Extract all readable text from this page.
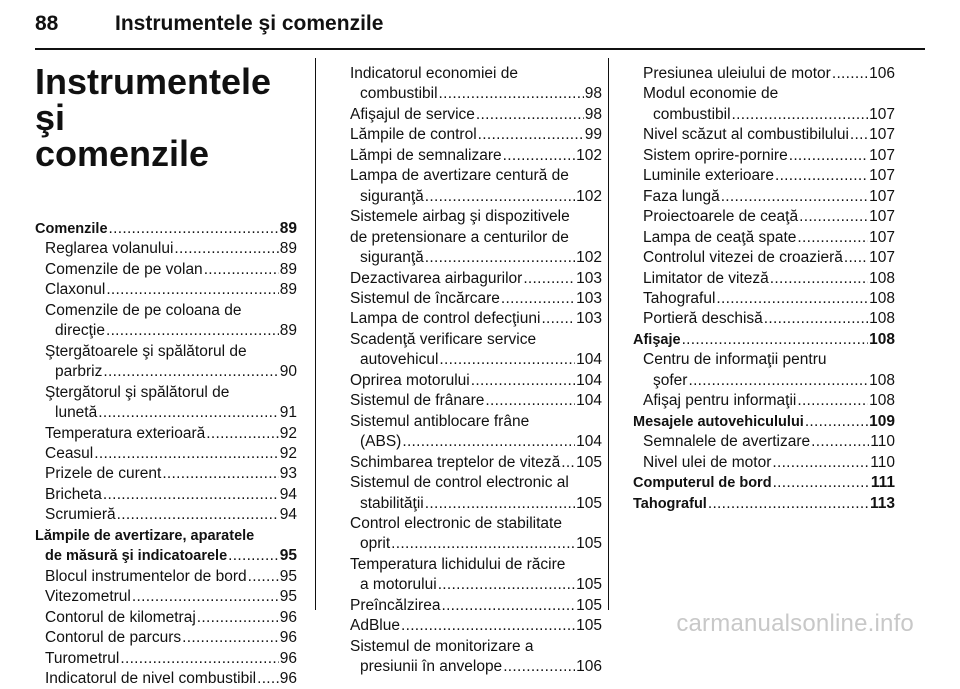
88	Instrumentele şi comenzile
Instrumentele şi
comenzile
Comenzile .....	89
Reglarea volanului .....	89
Comenzile de pe volan .....	89
Claxonul .....	89
Comenzile de pe coloana de
direcţie .....	89
Ştergătoarele şi spălătorul de
parbriz .....	90
Ştergătorul şi spălătorul de
lunetă .....	91
Temperatura exterioară .....	92
Ceasul .....	92
Prizele de curent .....	93
Bricheta .....	94
Scrumieră .....	94
Lămpile de avertizare, aparatele
de măsură şi indicatoarele .....	95
Blocul instrumentelor de bord ..... 95
Vitezometrul .....	95
Contorul de kilometraj .....	96
Contorul de parcurs .....	96
Turometrul .....	96
Indicatorul de nivel combustibil ..... 96
Indicatorul economiei de
combustibil .....	98
Afişajul de service .....	98
Lămpile de control .....	99
Lămpi de semnalizare .....	102
Lampa de avertizare centură de
siguranţă .....	102
Sistemele airbag şi dispozitivele
de pretensionare a centurilor de
siguranţă .....	102
Dezactivarea airbagurilor .....	103
Sistemul de încărcare .....	103
Lampa de control defecţiuni ..... 103
Scadenţă verificare service
autovehicul .....	104
Oprirea motorului .....	104
Sistemul de frânare .....	104
Sistemul antiblocare frâne
(ABS) .....	104
Schimbarea treptelor de viteză ..... 105
Sistemul de control electronic al
stabilităţii .....	105
Control electronic de stabilitate
oprit .....	105
Temperatura lichidului de răcire
a motorului .....	105
Preîncălzirea .....	105
AdBlue .....	105
Sistemul de monitorizare a
presiunii în anvelope .....	106
Presiunea uleiului de motor ..... 106
Modul economie de
combustibil .....	107
Nivel scăzut al combustibilului ..... 107
Sistem oprire-pornire .....	107
Luminile exterioare .....	107
Faza lungă .....	107
Proiectoarele de ceaţă .....	107
Lampa de ceaţă spate .....	107
Controlul vitezei de croazieră ..... 107
Limitator de viteză .....	108
Tahograful .....	108
Portieră deschisă .....	108
Afişaje .....	108
Centru de informaţii pentru
şofer .....	108
Afişaj pentru informaţii .....	108
Mesajele autovehiculului .....	109
Semnalele de avertizare .....	110
Nivel ulei de motor .....	110
Computerul de bord .....	111
Tahograful .....	113
carmanualsonline.info
